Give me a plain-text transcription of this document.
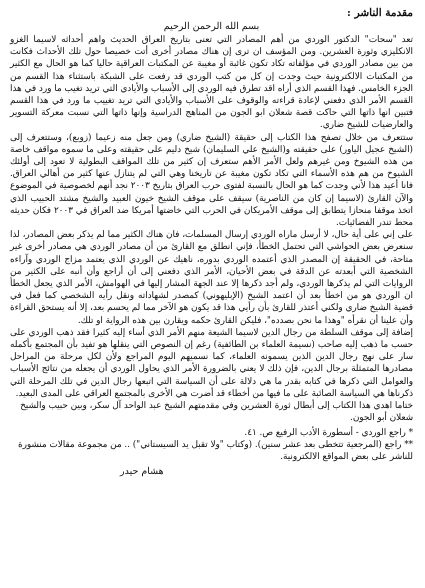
مقدمة الناشر :

بسم الله الرحمن الرحيم

تعد "سحات" الدكتور الوردي من أهم المصادر التي تعنى بتاريخ العراق الحديث واهم أحداثه لاسيما الغزو الانكليزي وثورة العشرين. ومن المؤسف ان ترى إن هناك مصادر أخرى أتت خصيصا حول تلك الأحداث فكانت من بين مصادر الوردي في مؤلفاته تكاد تكون غائبة أو مغيبة عن المكتبات العراقية حاليا كما هو الحال مع الكثير من المكتبات الالكترونية حيث وجدت إن كل من كتب الوردي قد رفعت على الشبكة باستثناء هذا القسم من الجزء الخامس. فهذا القسم الذي أراه اقد تطرق فيه الوردي إلى الأسباب والأيادي التي تريد تغيب ما ورد في هذا القسم الأمر الذي دفعني لإعادة قراءته والوقوف على الأسباب والأيادي التي تريد تغييب ما ورد في هذا القسم فتبين انها ذاتها التي حاكت قصة شعلان ابو الجون من المناهج الدراسية وإنها ذاتها التي نسبت معركة التسوير والعارضيات للشيخ ضاري.

ستتعرف من خلال تصفح هذا الكتاب إلى حقيقة (الشيخ ضاري) ومن جعل منه زعيما (زوبع)، وستتعرف إلى (الشيخ عجيل الياور) على حقيقته و(الشيخ علي السليمان) شيخ دليم على حقيقته وعلى ما سموه مواقف خاصة من هذه الشيوخ ومن غيرهم ولعل الأمر الأهم ستعرف إن كثير من تلك المواقف البطولية لا تعود إلى أولئك الشيوخ من هم هذه الأسماء التي تكاد تكون مغيبة عن تاريخنا وهي التي لم يتنازل عنها كثير من أهالي العراق. فانا أعيد هذا لأني وجدت كما هو الحال بالنسبة لفتوى حرب العراق بتاريخ ٢٠٠٣ نجد أنهم لخصوصية في الموضوع والآن القارئ (لاسيما إن كان من الناصرية) سيقف على موقف الشيخ خيون العبيد والشيخ مشتد الحبيب الذي اتخذ موقفا منحازا يتطابق إلى موقف الأمريكان في الحرب التي خاضتها أمريكا ضد العراق في ٢٠٠٣ فكان حديثه محط تندر الفضائيات.

على إني على أية حال، لا أرسل ماراه الوردي إرسال المسلمات، فان هناك الكثير مما لم يذكر بعض المصادر، لذا سنعرض بعض الحواشي التي تحتمل الخطأ، فإني انطلق مع القارئ من أن مصادر الوردي هي مصادر أخرى غير متاحة، في الحقيقة إن المصدر الذي أعتمده الوردي بدوره، ناهيك عن الوردي الذي يعتمد مزاج الوردي وآراءه الشخصية التي أبعدته عن الدقة في بعض الأحيان، الأمر الذي دفعني إلى أن أراجع وأن أنبه على الكثير من الروايات التي لم يذكرها الوردي، ولم أجد ذكرها إلا عند الجهة المشار إليها في الهوامش، الأمر الذي يجعل الخطأ ان الوردي هو من اخطأ بعد أن اعتمد الشيخ (الإبليهوني) كمصدر لشهاداته ونقل رأيه الشخصي كما فعل في قضية الشيخ ضاري ولكني أعتذر للقارئ بأن رأيي هذا قد يكون هو الآخر مما لم يحسم بعد، إلا أنه يستحق القراءة وأن علينا أن نقرأه "وهذا ما نحن بصدده"، فليكن القارئ حكمه ويقارن بين هذه الرواية او تلك.

إضافة إلى موقف السلطة من رجال الدين لاسيما الشيعة منهم الأمر الذي أساء إليه كثيرا فقد ذهب الوردي على حسب ما ذهب إليه صاحب (نسيمة العلماء بن الطائفية) رغم إن النصوص التي ينقلها هو تفيد بأن المجتمع بأكمله سار على نهج رجال الدين الذين يسمونه العلماء، كما نسميهم اليوم المراجع ولأن لكل مرحلة من المراحل مصادرها المتمثلة برجال الدين، فإن ذلك لا يعني بالضرورة الأمر الذي يحاول الوردي أن يجعله من نتائج الأسباب والعوامل التي ذكرها في كتابه بقدر ما هي دلالة على أن السياسة التي اتبعها رجال الدين في تلك المرحلة التي ذكرناها هي السياسة الصائبة على ما فيها من أخطاء قد أضرت هي الأخرى بالمجتمع العراقي على المدى البعيد.

ختاما اهدي هذا الكتاب إلى أبطال ثورة العشرين وفي مقدمتهم الشيخ عبد الواحد آل سكر، وبين حبيب والشيخ شعلان أبو الجون.

* راجع الوردي - أسطورة الأدب الرفيع ص. ٤١.

** راجع (المرجعية تتخطى بعد عشر سنين). (وكتاب "ولا تقبل يد السيستاني") .. من مجموعة مقالات منشورة للناشر على بعض المواقع الالكترونية.

هشام حيدر
